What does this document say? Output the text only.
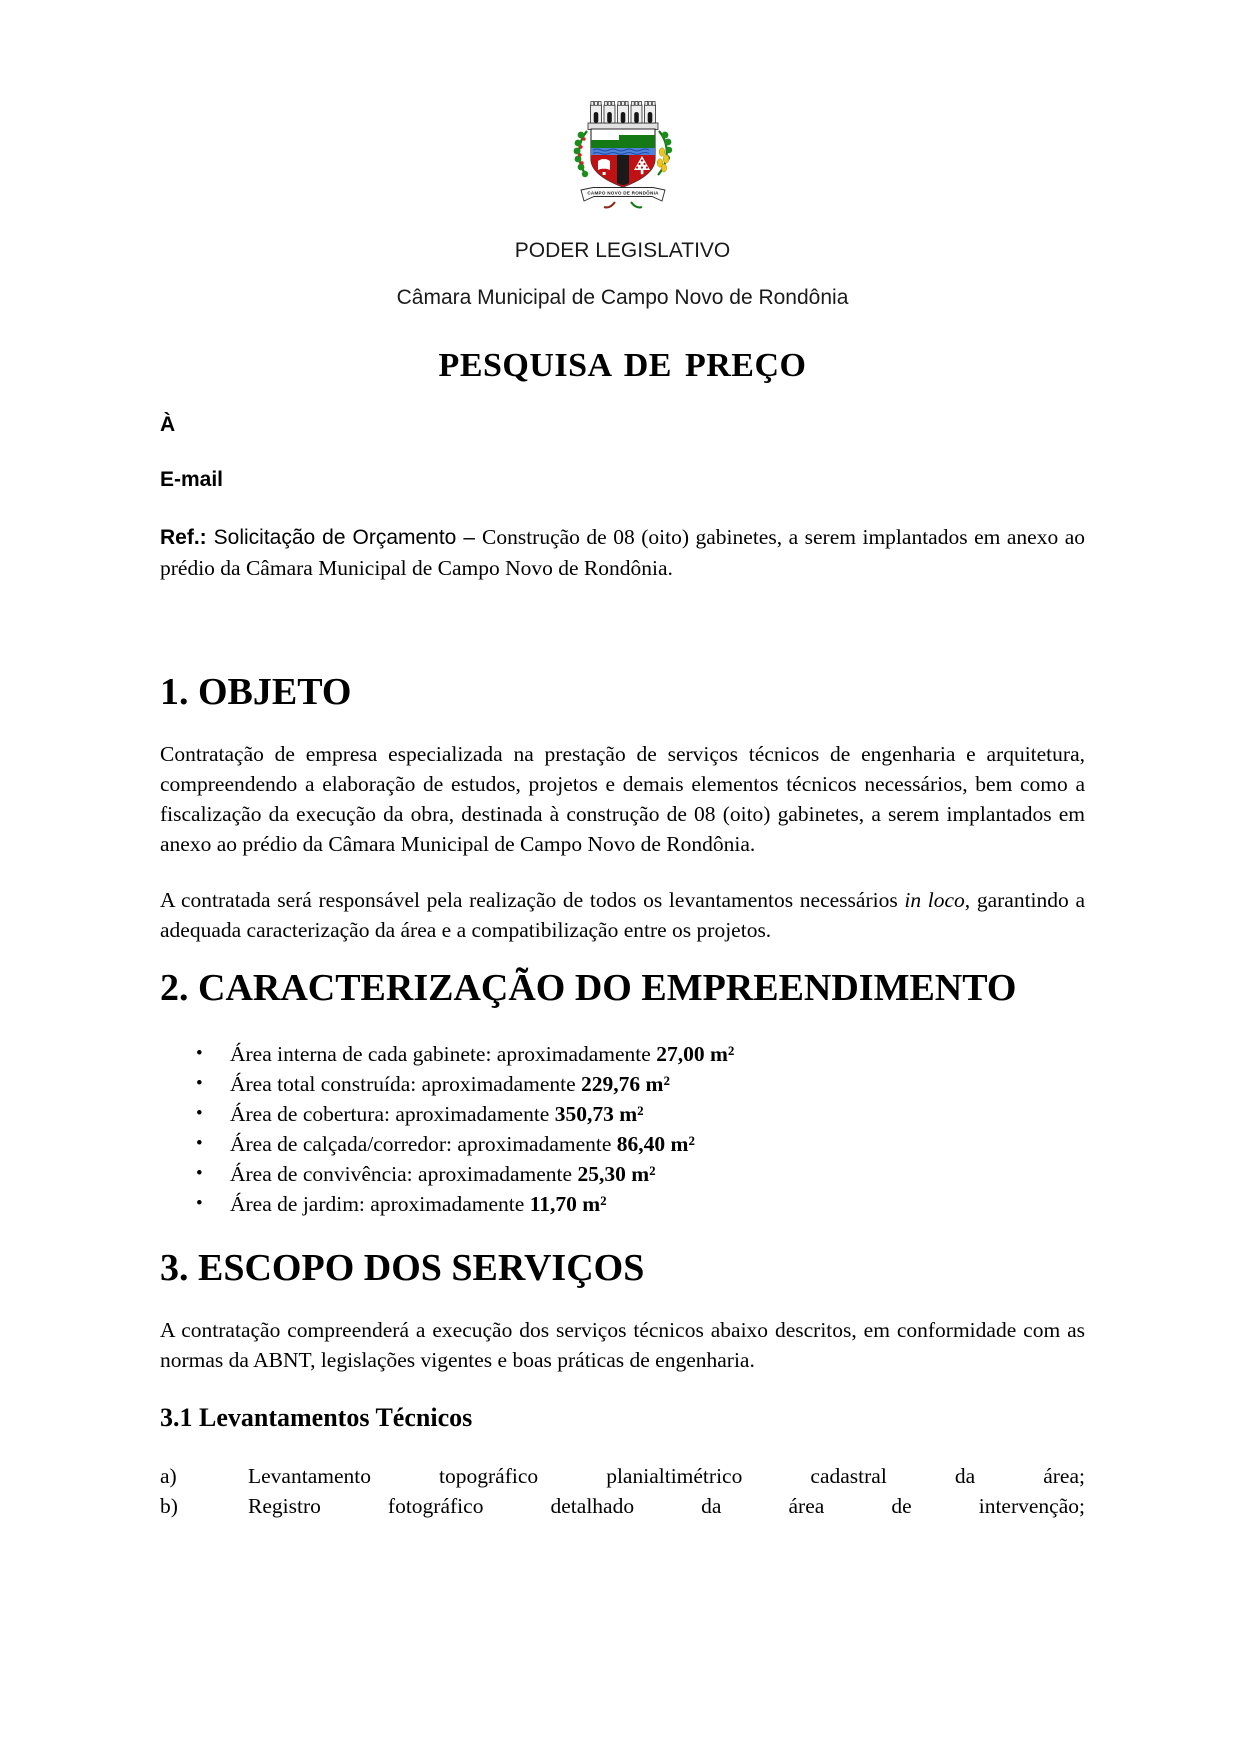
CAMPO NOVO DE RONDÔNIA
PODER LEGISLATIVO
Câmara Municipal de Campo Novo de Rondônia
PESQUISA DE PREÇO

À

E-mail

Ref.: Solicitação de Orçamento – Construção de 08 (oito) gabinetes, a serem implantados em anexo ao prédio da Câmara Municipal de Campo Novo de Rondônia.

1. OBJETO

Contratação de empresa especializada na prestação de serviços técnicos de engenharia e arquitetura, compreendendo a elaboração de estudos, projetos e demais elementos técnicos necessários, bem como a fiscalização da execução da obra, destinada à construção de 08 (oito) gabinetes, a serem implantados em anexo ao prédio da Câmara Municipal de Campo Novo de Rondônia.

A contratada será responsável pela realização de todos os levantamentos necessários in loco, garantindo a adequada caracterização da área e a compatibilização entre os projetos.

2. CARACTERIZAÇÃO DO EMPREENDIMENTO
• Área interna de cada gabinete: aproximadamente 27,00 m²
• Área total construída: aproximadamente 229,76 m²
• Área de cobertura: aproximadamente 350,73 m²
• Área de calçada/corredor: aproximadamente 86,40 m²
• Área de convivência: aproximadamente 25,30 m²
• Área de jardim: aproximadamente 11,70 m²
3. ESCOPO DOS SERVIÇOS

A contratação compreenderá a execução dos serviços técnicos abaixo descritos, em conformidade com as normas da ABNT, legislações vigentes e boas práticas de engenharia.

3.1 Levantamentos Técnicos
a)	Levantamento topográfico planialtimétrico cadastral da área;
b)	Registro fotográfico detalhado da área de intervenção;
